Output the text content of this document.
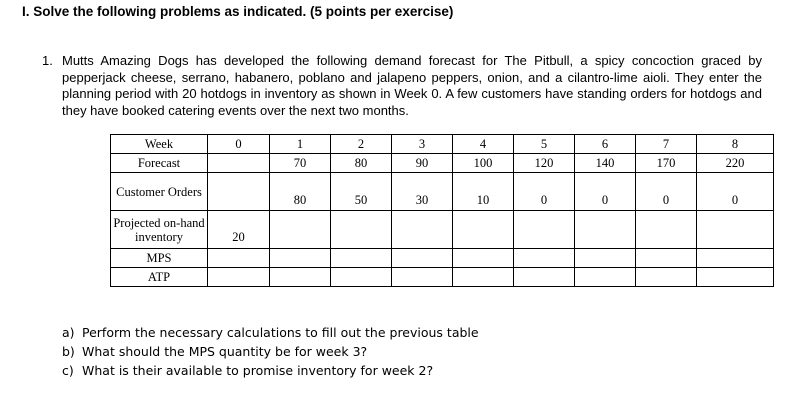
I. Solve the following problems as indicated. (5 points per exercise)
1. Mutts Amazing Dogs has developed the following demand forecast for The Pitbull, a spicy concoction graced by pepperjack cheese, serrano, habanero, poblano and jalapeno peppers, onion, and a cilantro-lime aioli. They enter the planning period with 20 hotdogs in inventory as shown in Week 0. A few customers have standing orders for hotdogs and they have booked catering events over the next two months.
Week	0	1	2	3	4	5	6	7	8
Forecast		70	80	90	100	120	140	170	220
Customer Orders		80	50	30	10	0	0	0	0
Projected on-hand inventory	20								
MPS									
ATP									
a) Perform the necessary calculations to fill out the previous table
b) What should the MPS quantity be for week 3?
c) What is their available to promise inventory for week 2?
